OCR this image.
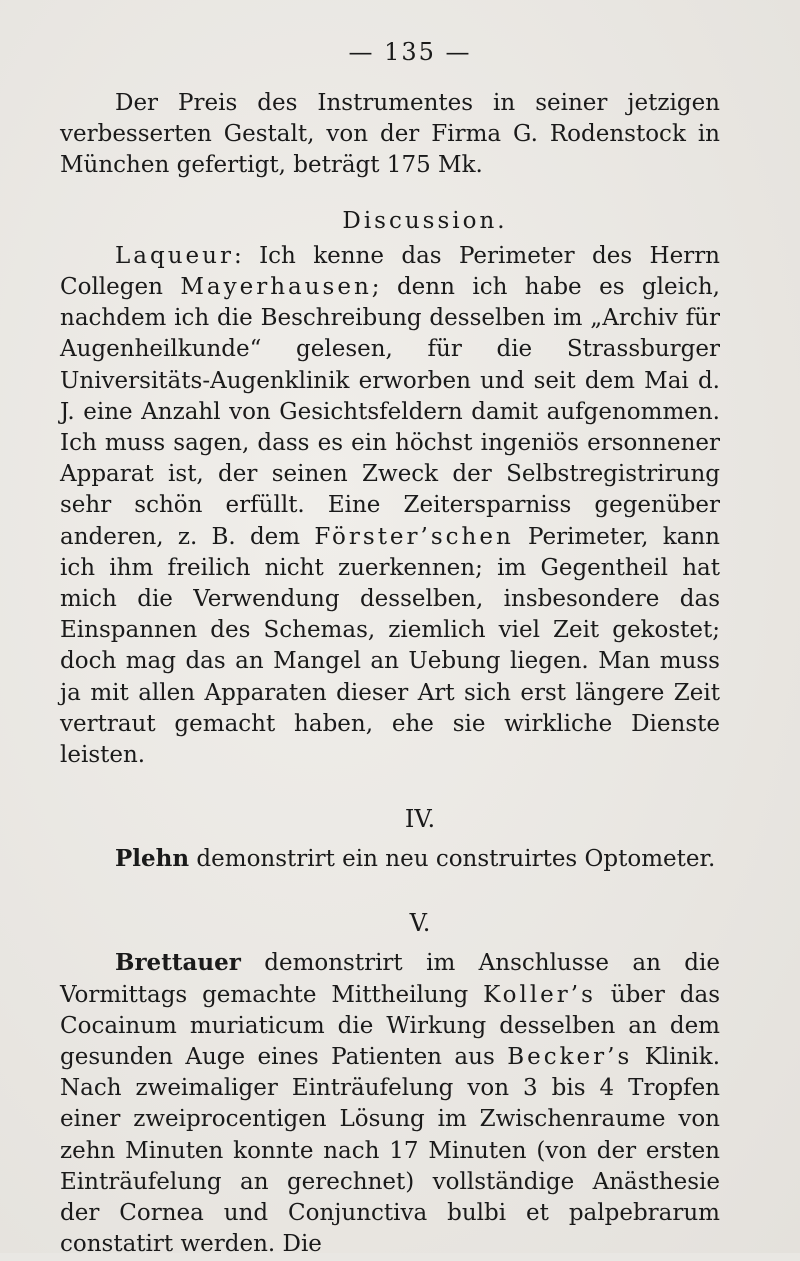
— 135 —

Der Preis des Instrumentes in seiner jetzigen verbesserten Gestalt, von der Firma G. Rodenstock in München gefertigt, beträgt 175 Mk.

Discussion.

Laqueur: Ich kenne das Perimeter des Herrn Collegen Mayerhausen; denn ich habe es gleich, nachdem ich die Beschreibung desselben im „Archiv für Augenheilkunde“ gelesen, für die Strassburger Universitäts-Augenklinik erworben und seit dem Mai d. J. eine Anzahl von Gesichtsfeldern damit aufgenommen. Ich muss sagen, dass es ein höchst ingeniös ersonnener Apparat ist, der seinen Zweck der Selbstregistrirung sehr schön erfüllt. Eine Zeitersparniss gegenüber anderen, z. B. dem Förster’schen Perimeter, kann ich ihm freilich nicht zuerkennen; im Gegentheil hat mich die Verwendung desselben, insbesondere das Einspannen des Schemas, ziemlich viel Zeit gekostet; doch mag das an Mangel an Uebung liegen. Man muss ja mit allen Apparaten dieser Art sich erst längere Zeit vertraut gemacht haben, ehe sie wirkliche Dienste leisten.

IV.

Plehn demonstrirt ein neu construirtes Optometer.

V.

Brettauer demonstrirt im Anschlusse an die Vormittags gemachte Mittheilung Koller’s über das Cocainum muriaticum die Wirkung desselben an dem gesunden Auge eines Patienten aus Becker’s Klinik. Nach zweimaliger Einträufelung von 3 bis 4 Tropfen einer zweiprocentigen Lösung im Zwischenraume von zehn Minuten konnte nach 17 Minuten (von der ersten Einträufelung an gerechnet) vollständige Anästhesie der Cornea und Conjunctiva bulbi et palpebrarum constatirt werden. Die
